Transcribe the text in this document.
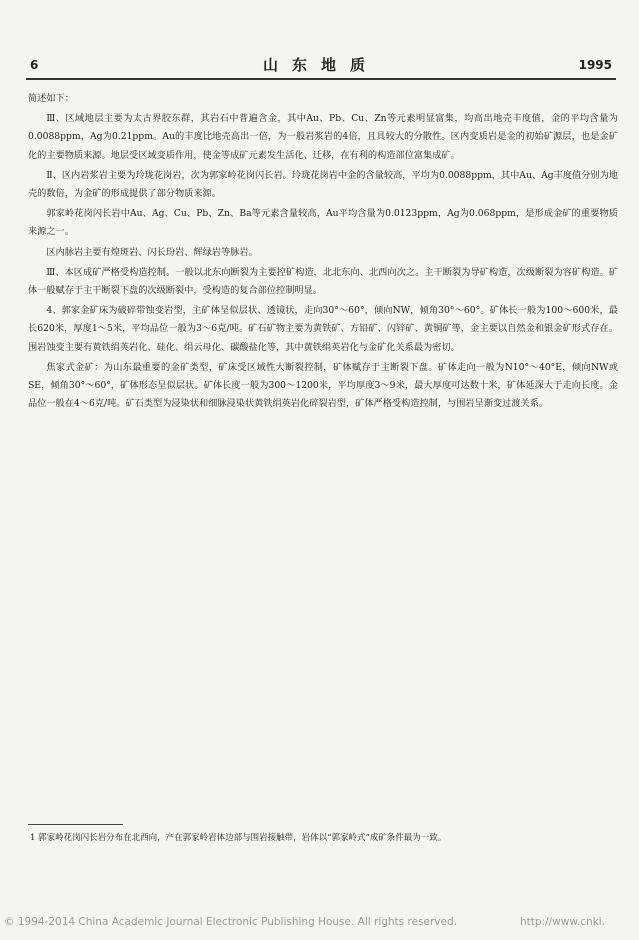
6	山东地质	1995

简述如下：

Ⅲ、区域地层主要为太古界胶东群，其岩石中普遍含金，其中Au、Pb、Cu、Zn等元素明显富集，均高出地壳丰度值，金的平均含量为0.0088ppm，Ag为0.21ppm。Au的丰度比地壳高出一倍，为一般岩浆岩的4倍，且具较大的分散性。区内变质岩是金的初始矿源层，也是金矿化的主要物质来源。地层受区域变质作用，使金等成矿元素发生活化、迁移，在有利的构造部位富集成矿。

Ⅱ、区内岩浆岩主要为玲珑花岗岩，次为郭家岭花岗闪长岩。玲珑花岗岩中金的含量较高，平均为0.0088ppm，其中Au、Ag丰度值分别为地壳的数倍，为金矿的形成提供了部分物质来源。

郭家岭花岗闪长岩中Au、Ag、Cu、Pb、Zn、Ba等元素含量较高，Au平均含量为0.0123ppm，Ag为0.068ppm，是形成金矿的重要物质来源之一。

区内脉岩主要有煌斑岩、闪长玢岩、辉绿岩等脉岩。

Ⅲ、本区成矿严格受构造控制。一般以北东向断裂为主要控矿构造，北北东向、北西向次之。主干断裂为导矿构造，次级断裂为容矿构造。矿体一般赋存于主干断裂下盘的次级断裂中，受构造的复合部位控制明显。

4、郭家金矿床为破碎带蚀变岩型，主矿体呈似层状、透镜状，走向30°～60°，倾向NW，倾角30°～60°。矿体长一般为100～600米，最长620米，厚度1～5米，平均品位一般为3～6克/吨。矿石矿物主要为黄铁矿、方铅矿、闪锌矿、黄铜矿等，金主要以自然金和银金矿形式存在。围岩蚀变主要有黄铁绢英岩化、硅化、绢云母化、碳酸盐化等，其中黄铁绢英岩化与金矿化关系最为密切。

焦家式金矿：为山东最重要的金矿类型，矿床受区域性大断裂控制，矿体赋存于主断裂下盘。矿体走向一般为N10°～40°E，倾向NW或SE，倾角30°～60°，矿体形态呈似层状。矿体长度一般为300～1200米，平均厚度3～9米，最大厚度可达数十米，矿体延深大于走向长度。金品位一般在4～6克/吨。矿石类型为浸染状和细脉浸染状黄铁绢英岩化碎裂岩型，矿体严格受构造控制，与围岩呈渐变过渡关系。

1 郭家岭花岗闪长岩分布在北西向，产在郭家岭岩体边部与围岩接触带，岩体以“郭家岭式”成矿条件最为一致。
© 1994-2014 China Academic Journal Electronic Publishing House. All rights reserved.	http://www.cnki.
